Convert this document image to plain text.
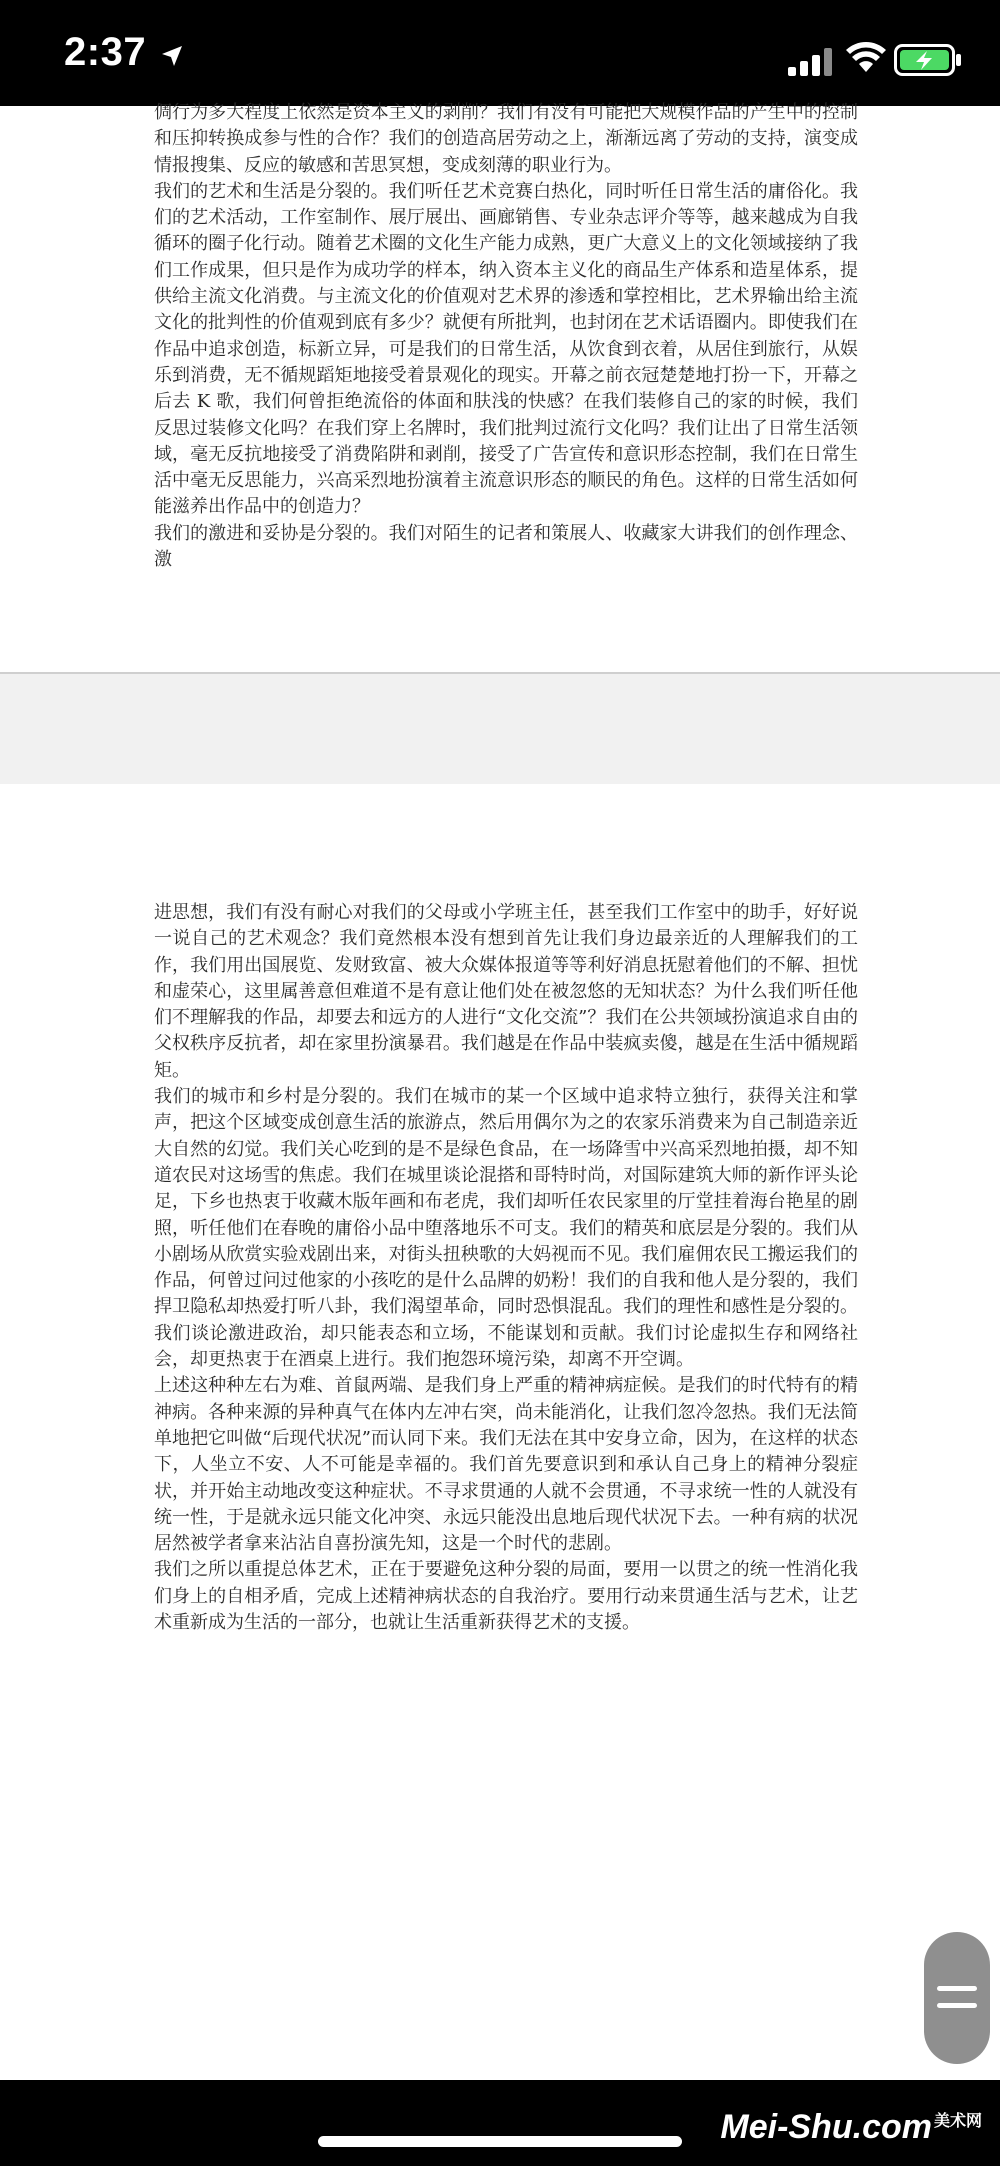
2:37

倜行为多大程度上依然是资本主义的剥削？我们有没有可能把大规模作品的产生中的控制和压抑转换成参与性的合作？我们的创造高居劳动之上，渐渐远离了劳动的支持，演变成情报搜集、反应的敏感和苦思冥想，变成刻薄的职业行为。

我们的艺术和生活是分裂的。我们听任艺术竞赛白热化，同时听任日常生活的庸俗化。我们的艺术活动，工作室制作、展厅展出、画廊销售、专业杂志评介等等，越来越成为自我循环的圈子化行动。随着艺术圈的文化生产能力成熟，更广大意义上的文化领域接纳了我们工作成果，但只是作为成功学的样本，纳入资本主义化的商品生产体系和造星体系，提供给主流文化消费。与主流文化的价值观对艺术界的渗透和掌控相比，艺术界输出给主流文化的批判性的价值观到底有多少？就便有所批判，也封闭在艺术话语圈内。即使我们在作品中追求创造，标新立异，可是我们的日常生活，从饮食到衣着，从居住到旅行，从娱乐到消费，无不循规蹈矩地接受着景观化的现实。开幕之前衣冠楚楚地打扮一下，开幕之后去 K 歌，我们何曾拒绝流俗的体面和肤浅的快感？在我们装修自己的家的时候，我们反思过装修文化吗？在我们穿上名牌时，我们批判过流行文化吗？我们让出了日常生活领域，毫无反抗地接受了消费陷阱和剥削，接受了广告宣传和意识形态控制，我们在日常生活中毫无反思能力，兴高采烈地扮演着主流意识形态的顺民的角色。这样的日常生活如何能滋养出作品中的创造力？

我们的激进和妥协是分裂的。我们对陌生的记者和策展人、收藏家大讲我们的创作理念、激

进思想，我们有没有耐心对我们的父母或小学班主任，甚至我们工作室中的助手，好好说一说自己的艺术观念？我们竟然根本没有想到首先让我们身边最亲近的人理解我们的工作，我们用出国展览、发财致富、被大众媒体报道等等利好消息抚慰着他们的不解、担忧和虚荣心，这里属善意但难道不是有意让他们处在被忽悠的无知状态？为什么我们听任他们不理解我的作品，却要去和远方的人进行“文化交流”？我们在公共领域扮演追求自由的父权秩序反抗者，却在家里扮演暴君。我们越是在作品中装疯卖傻，越是在生活中循规蹈矩。

我们的城市和乡村是分裂的。我们在城市的某一个区域中追求特立独行，获得关注和掌声，把这个区域变成创意生活的旅游点，然后用偶尔为之的农家乐消费来为自己制造亲近大自然的幻觉。我们关心吃到的是不是绿色食品，在一场降雪中兴高采烈地拍摄，却不知道农民对这场雪的焦虑。我们在城里谈论混搭和哥特时尚，对国际建筑大师的新作评头论足，下乡也热衷于收藏木版年画和布老虎，我们却听任农民家里的厅堂挂着海台艳星的剧照，听任他们在春晚的庸俗小品中堕落地乐不可支。我们的精英和底层是分裂的。我们从小剧场从欣赏实验戏剧出来，对街头扭秧歌的大妈视而不见。我们雇佣农民工搬运我们的作品，何曾过问过他家的小孩吃的是什么品牌的奶粉！我们的自我和他人是分裂的，我们捍卫隐私却热爱打听八卦，我们渴望革命，同时恐惧混乱。我们的理性和感性是分裂的。我们谈论激进政治，却只能表态和立场，不能谋划和贡献。我们讨论虚拟生存和网络社会，却更热衷于在酒桌上进行。我们抱怨环境污染，却离不开空调。

上述这种种左右为难、首鼠两端、是我们身上严重的精神病症候。是我们的时代特有的精神病。各种来源的异种真气在体内左冲右突，尚未能消化，让我们忽冷忽热。我们无法简单地把它叫做“后现代状况”而认同下来。我们无法在其中安身立命，因为，在这样的状态下，人坐立不安、人不可能是幸福的。我们首先要意识到和承认自己身上的精神分裂症状，并开始主动地改变这种症状。不寻求贯通的人就不会贯通，不寻求统一性的人就没有统一性，于是就永远只能文化冲突、永远只能没出息地后现代状况下去。一种有病的状况居然被学者拿来沾沾自喜扮演先知，这是一个时代的悲剧。

我们之所以重提总体艺术，正在于要避免这种分裂的局面，要用一以贯之的统一性消化我们身上的自相矛盾，完成上述精神病状态的自我治疗。要用行动来贯通生活与艺术，让艺术重新成为生活的一部分，也就让生活重新获得艺术的支援。

Mei-Shu.com $^{美术网}$
